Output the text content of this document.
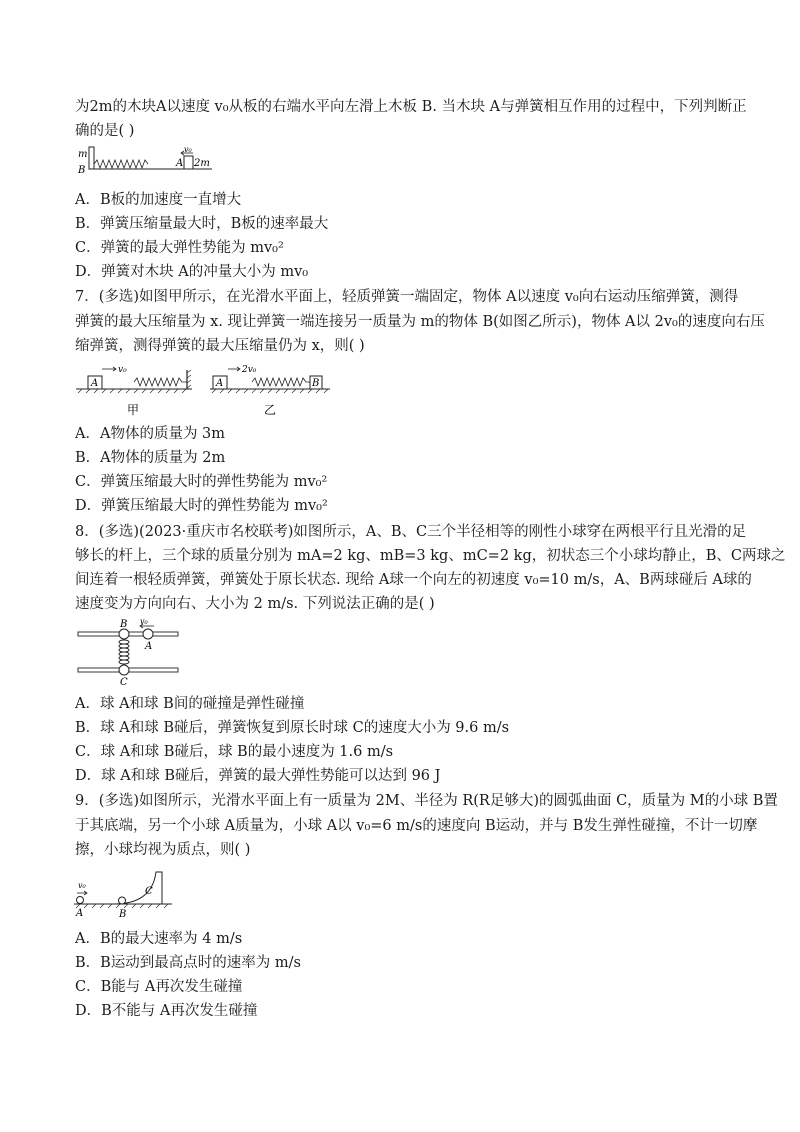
为2m的木块A以速度 v₀从板的右端水平向左滑上木板 B. 当木块 A与弹簧相互作用的过程中，下列判断正
确的是( )
m
B
A 2m
v₀
A．B板的加速度一直增大
B．弹簧压缩量最大时，B板的速率最大
C．弹簧的最大弹性势能为 mv₀²
D．弹簧对木块 A的冲量大小为 mv₀
7．(多选)如图甲所示，在光滑水平面上，轻质弹簧一端固定，物体 A以速度 v₀向右运动压缩弹簧，测得
弹簧的最大压缩量为 x. 现让弹簧一端连接另一质量为 m的物体 B(如图乙所示)，物体 A以 2v₀的速度向右压
缩弹簧，测得弹簧的最大压缩量仍为 x，则( )
A
v₀
甲
A
2v₀
B
乙
A．A物体的质量为 3m
B．A物体的质量为 2m
C．弹簧压缩最大时的弹性势能为 mv₀²
D．弹簧压缩最大时的弹性势能为 mv₀²
8．(多选)(2023·重庆市名校联考)如图所示，A、B、C三个半径相等的刚性小球穿在两根平行且光滑的足
够长的杆上，三个球的质量分别为 mA=2 kg、mB=3 kg、mC=2 kg，初状态三个小球均静止，B、C两球之
间连着一根轻质弹簧，弹簧处于原长状态. 现给 A球一个向左的初速度 v₀=10 m/s，A、B两球碰后 A球的
速度变为方向向右、大小为 2 m/s. 下列说法正确的是( )
B
A
v₀
C
A．球 A和球 B间的碰撞是弹性碰撞
B．球 A和球 B碰后，弹簧恢复到原长时球 C的速度大小为 9.6 m/s
C．球 A和球 B碰后，球 B的最小速度为 1.6 m/s
D．球 A和球 B碰后，弹簧的最大弹性势能可以达到 96 J
9．(多选)如图所示，光滑水平面上有一质量为 2M、半径为 R(R足够大)的圆弧曲面 C，质量为 M的小球 B置
于其底端，另一个小球 A质量为，小球 A以 v₀=6 m/s的速度向 B运动，并与 B发生弹性碰撞，不计一切摩
擦，小球均视为质点，则( )
C
A
v₀
B
A．B的最大速率为 4 m/s
B．B运动到最高点时的速率为 m/s
C．B能与 A再次发生碰撞
D．B不能与 A再次发生碰撞
